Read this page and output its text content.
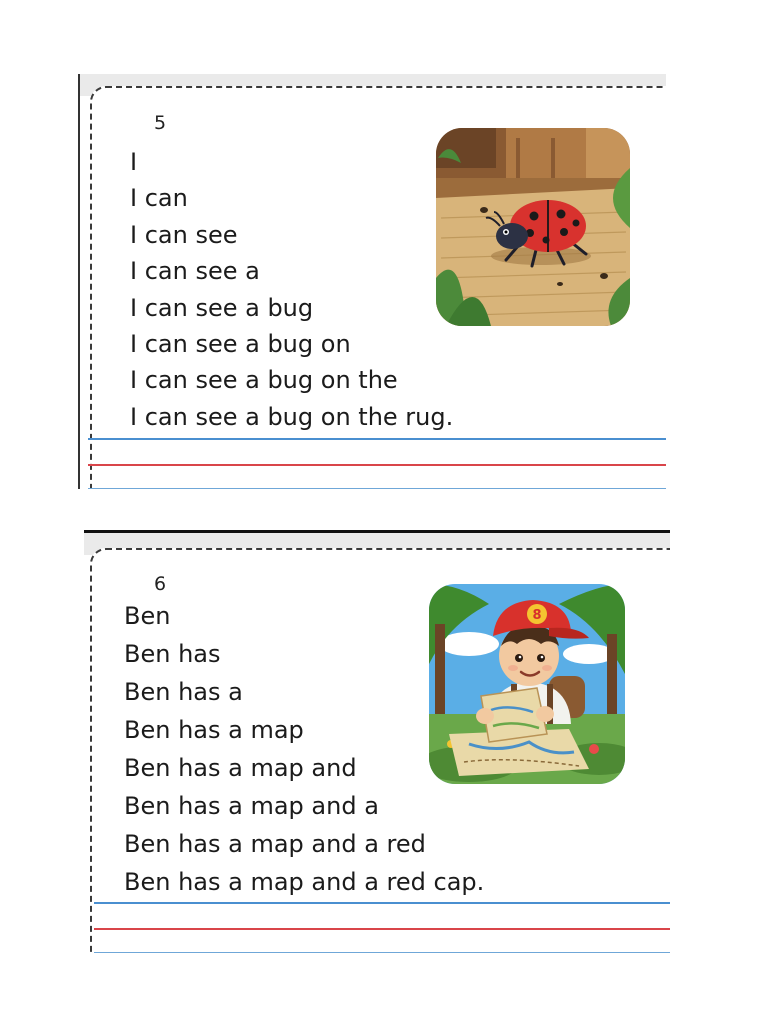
5
I
I can
I can see
I can see a
I can see a bug
I can see a bug on
I can see a bug on the
I can see a bug on the rug.
6
Ben
Ben has
Ben has a
Ben has a map
Ben has a map and
Ben has a map and a
Ben has a map and a red
Ben has a map and a red cap.
8
